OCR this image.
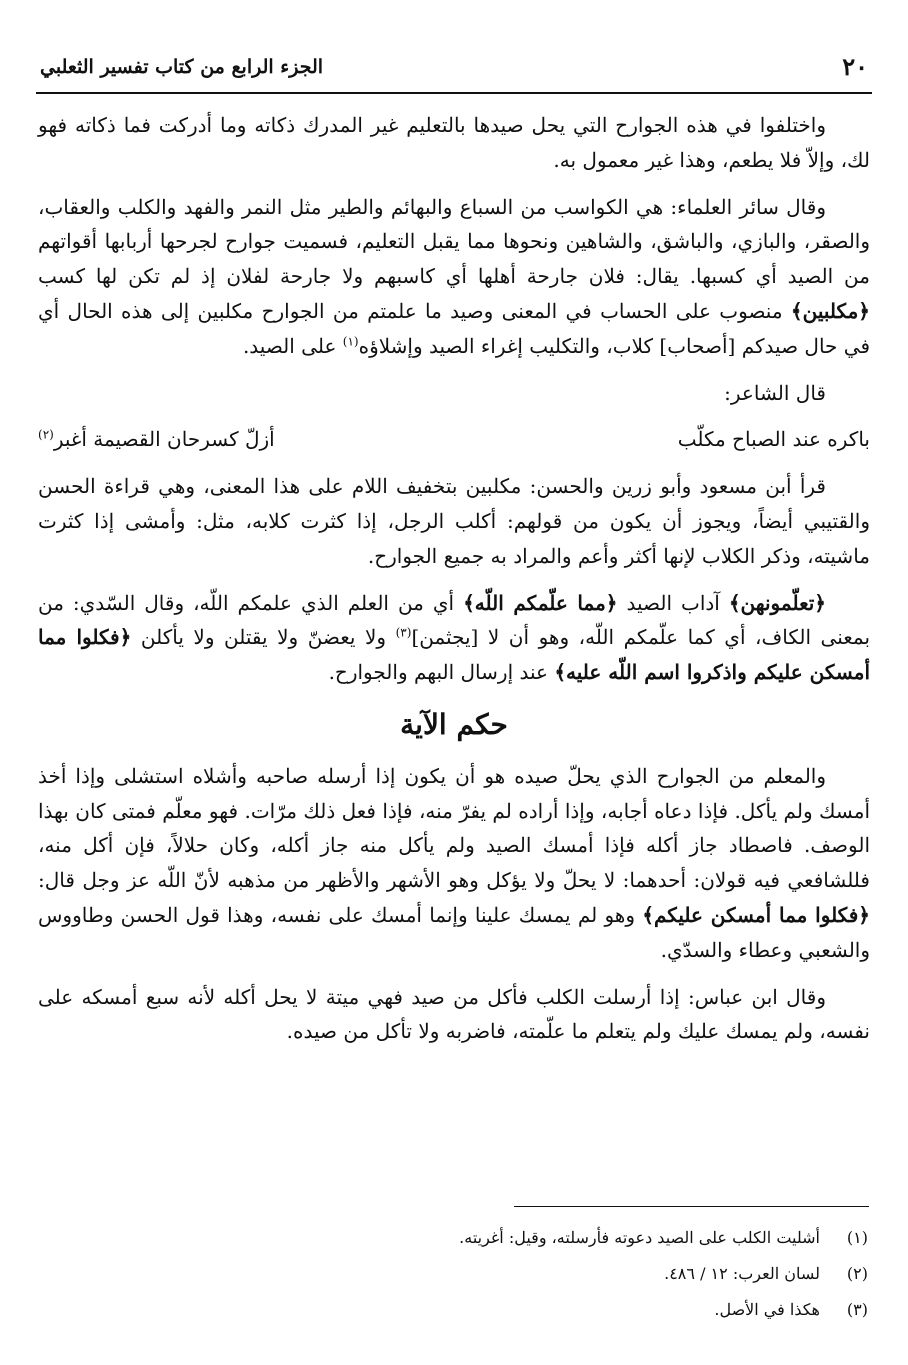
٢٠
الجزء الرابع من كتاب تفسير الثعلبي

واختلفوا في هذه الجوارح التي يحل صيدها بالتعليم غير المدرك ذكاته وما أدركت فما ذكاته فهو لك، وإلاّ فلا يطعم، وهذا غير معمول به.

وقال سائر العلماء: هي الكواسب من السباع والبهائم والطير مثل النمر والفهد والكلب والعقاب، والصقر، والبازي، والباشق، والشاهين ونحوها مما يقبل التعليم، فسميت جوارح لجرحها أربابها أقواتهم من الصيد أي كسبها. يقال: فلان جارحة أهلها أي كاسبهم ولا جارحة لفلان إذ لم تكن لها كسب ﴿مكلبين﴾ منصوب على الحساب في المعنى وصيد ما علمتم من الجوارح مكلبين إلى هذه الحال أي في حال صيدكم [أصحاب] كلاب، والتكليب إغراء الصيد وإشلاؤه$^{(١)}$ على الصيد.

قال الشاعر:

باكره عند الصباح مكلّب
أزلّ كسرحان القصيمة أغبر$^{(٢)}$

قرأ أبن مسعود وأبو زرين والحسن: مكلبين بتخفيف اللام على هذا المعنى، وهي قراءة الحسن والقتيبي أيضاً، ويجوز أن يكون من قولهم: أكلب الرجل، إذا كثرت كلابه، مثل: وأمشى إذا كثرت ماشيته، وذكر الكلاب لإنها أكثر وأعم والمراد به جميع الجوارح.

﴿تعلّمونهن﴾ آداب الصيد ﴿مما علّمكم اللّه﴾ أي من العلم الذي علمكم اللّه، وقال السّدي: من بمعنى الكاف، أي كما علّمكم اللّه، وهو أن لا [يجثمن]$^{(٣)}$ ولا يعضنّ ولا يقتلن ولا يأكلن ﴿فكلوا مما أمسكن عليكم واذكروا اسم اللّه عليه﴾ عند إرسال البهم والجوارح.

حكم الآية

والمعلم من الجوارح الذي يحلّ صيده هو أن يكون إذا أرسله صاحبه وأشلاه استشلى وإذا أخذ أمسك ولم يأكل. فإذا دعاه أجابه، وإذا أراده لم يفرّ منه، فإذا فعل ذلك مرّات. فهو معلّم فمتى كان بهذا الوصف. فاصطاد جاز أكله فإذا أمسك الصيد ولم يأكل منه جاز أكله، وكان حلالاً، فإن أكل منه، فللشافعي فيه قولان: أحدهما: لا يحلّ ولا يؤكل وهو الأشهر والأظهر من مذهبه لأنّ اللّه عز وجل قال: ﴿فكلوا مما أمسكن عليكم﴾ وهو لم يمسك علينا وإنما أمسك على نفسه، وهذا قول الحسن وطاووس والشعبي وعطاء والسدّي.

وقال ابن عباس: إذا أرسلت الكلب فأكل من صيد فهي ميتة لا يحل أكله لأنه سبع أمسكه على نفسه، ولم يمسك عليك ولم يتعلم ما علّمته، فاضربه ولا تأكل من صيده.

(١)
أشليت الكلب على الصيد دعوته فأرسلته، وقيل: أغريته.
(٢)
لسان العرب: ١٢ / ٤٨٦.
(٣)
هكذا في الأصل.
